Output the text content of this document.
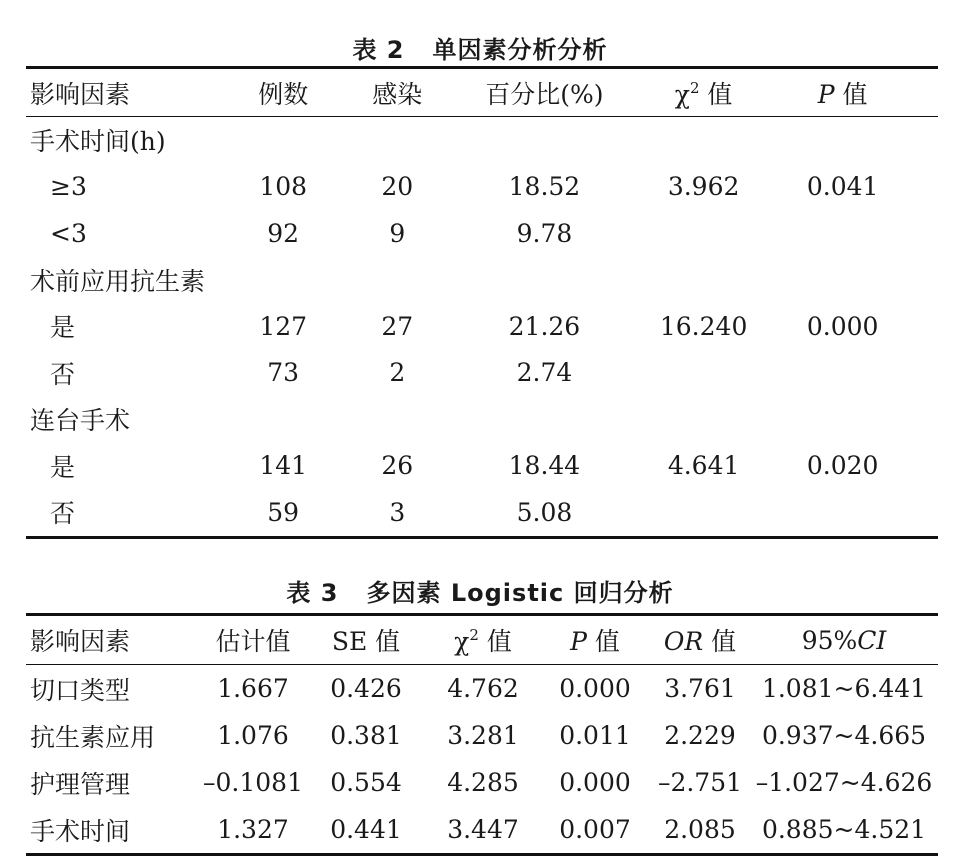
表 2   单因素分析分析
影响因素	例数	感染	百分比(%)	$\chi^2$ 值	P 值
手术时间(h)					
≥3	108	20	18.52	3.962	0.041
<3	92	9	9.78		
术前应用抗生素					
是	127	27	21.26	16.240	0.000
否	73	2	2.74		
连台手术					
是	141	26	18.44	4.641	0.020
否	59	3	5.08		
表 3   多因素 Logistic 回归分析
影响因素	估计值	SE 值	$\chi^2$ 值	P 值	OR 值	95%CI
切口类型	1.667	0.426	4.762	0.000	3.761	1.081~6.441
抗生素应用	1.076	0.381	3.281	0.011	2.229	0.937~4.665
护理管理	–0.1081	0.554	4.285	0.000	–2.751	–1.027~4.626
手术时间	1.327	0.441	3.447	0.007	2.085	0.885~4.521
